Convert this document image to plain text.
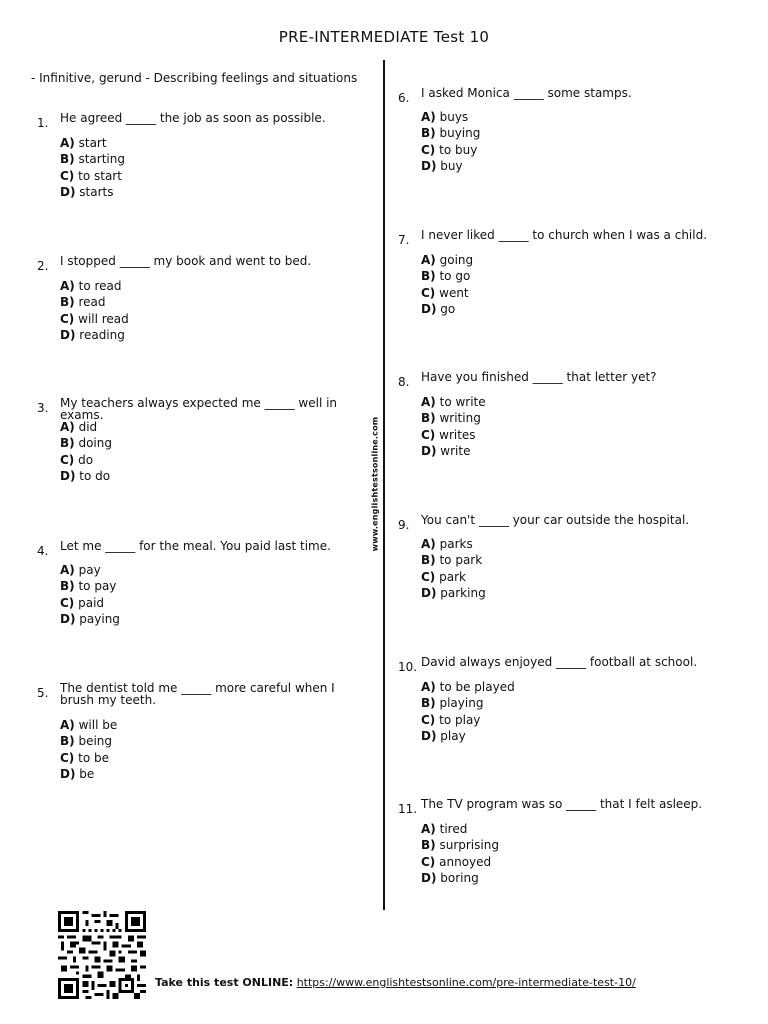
PRE-INTERMEDIATE Test 10
- Infinitive, gerund - Describing feelings and situations
www.englishtestsonline.com
1. He agreed _____ the job as soon as possible.
A) start
B) starting
C) to start
D) starts
2. I stopped _____ my book and went to bed.
A) to read
B) read
C) will read
D) reading
3. My teachers always expected me _____ well in exams.
A) did
B) doing
C) do
D) to do
4. Let me _____ for the meal. You paid last time.
A) pay
B) to pay
C) paid
D) paying
5. The dentist told me _____ more careful when I brush my teeth.
A) will be
B) being
C) to be
D) be
6. I asked Monica _____ some stamps.
A) buys
B) buying
C) to buy
D) buy
7. I never liked _____ to church when I was a child.
A) going
B) to go
C) went
D) go
8. Have you finished _____ that letter yet?
A) to write
B) writing
C) writes
D) write
9. You can't _____ your car outside the hospital.
A) parks
B) to park
C) park
D) parking
10. David always enjoyed _____ football at school.
A) to be played
B) playing
C) to play
D) play
11. The TV program was so _____ that I felt asleep.
A) tired
B) surprising
C) annoyed
D) boring
Take this test ONLINE: https://www.englishtestsonline.com/pre-intermediate-test-10/
